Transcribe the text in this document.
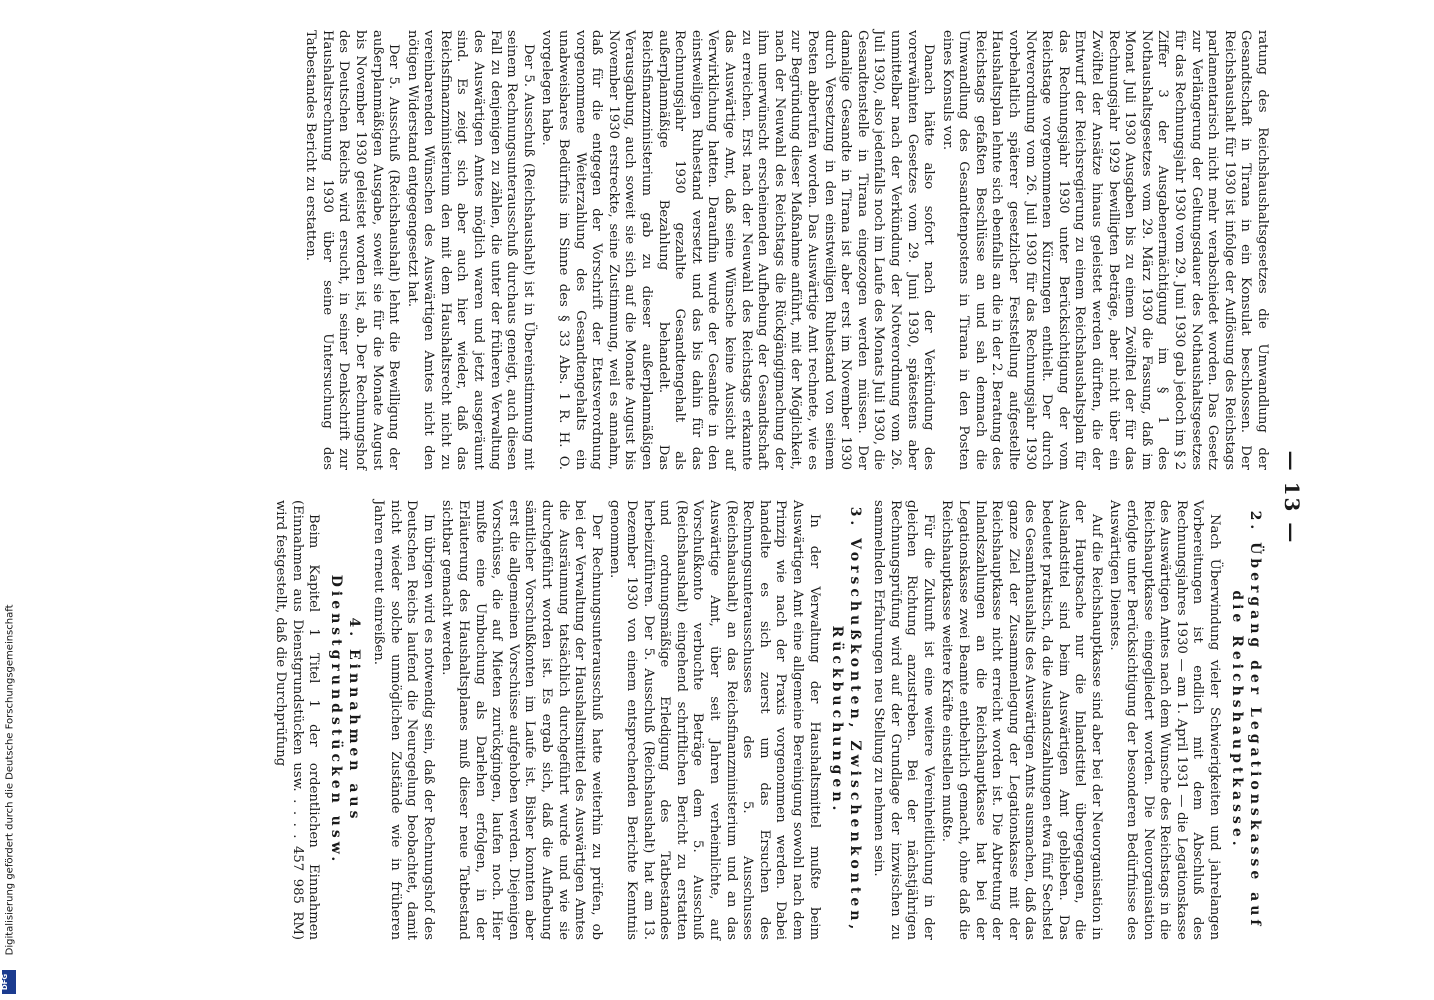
— 13 —

ratung des Reichshaushaltsgesetzes die Umwandlung der Gesandtschaft in Tirana in ein Konsulat beschlossen. Der Reichshaushalt für 1930 ist infolge der Auflösung des Reichstags parlamentarisch nicht mehr verabschiedet worden. Das Gesetz zur Verlängerung der Geltungsdauer des Nothaushaltsgesetzes für das Rechnungsjahr 1930 vom 29. Juni 1930 gab jedoch im § 2 Ziffer 3 der Ausgabenermächtigung im § 1 des Nothaushaltsgesetzes vom 29. März 1930 die Fassung, daß im Monat Juli 1930 Ausgaben bis zu einem Zwölftel der für das Rechnungsjahr 1929 bewilligten Beträge, aber nicht über ein Zwölftel der Ansätze hinaus geleistet werden dürften, die der Entwurf der Reichsregierung zu einem Reichshaushaltsplan für das Rechnungsjahr 1930 unter Berücksichtigung der vom Reichstage vorgenommenen Kürzungen enthielt. Der durch Notverordnung vom 26. Juli 1930 für das Rechnungsjahr 1930 vorbehaltlich späterer gesetzlicher Feststellung aufgestellte Haushaltsplan lehnte sich ebenfalls an die in der 2. Beratung des Reichstags gefaßten Beschlüsse an und sah demnach die Umwandlung des Gesandtenpostens in Tirana in den Posten eines Konsuls vor.

Danach hätte also sofort nach der Verkündung des vorerwähnten Gesetzes vom 29. Juni 1930, spätestens aber unmittelbar nach der Verkündung der Notverordnung vom 26. Juli 1930, also jedenfalls noch im Laufe des Monats Juli 1930, die Gesandtenstelle in Tirana eingezogen werden müssen. Der damalige Gesandte in Tirana ist aber erst im November 1930 durch Versetzung in den einstweiligen Ruhestand von seinem Posten abberufen worden. Das Auswärtige Amt rechnete, wie es zur Begründung dieser Maßnahme anführt, mit der Möglichkeit, nach der Neuwahl des Reichstags die Rückgängigmachung der ihm unerwünscht erscheinenden Aufhebung der Gesandtschaft zu erreichen. Erst nach der Neuwahl des Reichstags erkannte das Auswärtige Amt, daß seine Wünsche keine Aussicht auf Verwirklichung hatten. Daraufhin wurde der Gesandte in den einstweiligen Ruhestand versetzt und das bis dahin für das Rechnungsjahr 1930 gezahlte Gesandtengehalt als außerplanmäßige Bezahlung behandelt. Das Reichsfinanzministerium gab zu dieser außerplanmäßigen Verausgabung, auch soweit sie sich auf die Monate August bis November 1930 erstreckte, seine Zustimmung, weil es annahm, daß für die entgegen der Vorschrift der Etatsverordnung vorgenommene Weiterzahlung des Gesandtengehalts ein unabweisbares Bedürfnis im Sinne des § 33 Abs. 1 R. H. O. vorgelegen habe.

Der 5. Ausschuß (Reichshaushalt) ist in Übereinstimmung mit seinem Rechnungsunterausschuß durchaus geneigt, auch diesen Fall zu denjenigen zu zählen, die unter der früheren Verwaltung des Auswärtigen Amtes möglich waren und jetzt ausgeräumt sind. Es zeigt sich aber auch hier wieder, daß das Reichsfinanzministerium den mit dem Haushaltsrecht nicht zu vereinbarenden Wünschen des Auswärtigen Amtes nicht den nötigen Widerstand entgegengesetzt hat.

Der 5. Ausschuß (Reichshaushalt) lehnt die Bewilligung der außerplanmäßigen Ausgabe, soweit sie für die Monate August bis November 1930 geleistet worden ist, ab. Der Rechnungshof des Deutschen Reichs wird ersucht, in seiner Denkschrift zur Haushaltsrechnung 1930 über seine Untersuchung des Tatbestandes Bericht zu erstatten.

2. Übergang der Legationskasse auf die Reichshauptkasse.

Nach Überwindung vieler Schwierigkeiten und jahrelangen Vorbereitungen ist endlich mit dem Abschluß des Rechnungsjahres 1930 — am 1. April 1931 — die Legationskasse des Auswärtigen Amtes nach dem Wunsche des Reichstags in die Reichshauptkasse eingegliedert worden. Die Neuorganisation erfolgte unter Berücksichtigung der besonderen Bedürfnisse des Auswärtigen Dienstes.

Auf die Reichshauptkasse sind aber bei der Neuorganisation in der Hauptsache nur die Inlandstitel übergegangen, die Auslandstitel sind beim Auswärtigen Amt geblieben. Das bedeutet praktisch, da die Auslandszahlungen etwa fünf Sechstel des Gesamthaushalts des Auswärtigen Amts ausmachen, daß das ganze Ziel der Zusammenlegung der Legationskasse mit der Reichshauptkasse nicht erreicht worden ist. Die Abtretung der Inlandszahlungen an die Reichshauptkasse hat bei der Legationskasse zwei Beamte entbehrlich gemacht, ohne daß die Reichshauptkasse weitere Kräfte einstellen mußte.

Für die Zukunft ist eine weitere Vereinheitlichung in der gleichen Richtung anzustreben. Bei der nächstjährigen Rechnungsprüfung wird auf der Grundlage der inzwischen zu sammelnden Erfahrungen neu Stellung zu nehmen sein.

3. Vorschußkonten, Zwischenkonten, Rückbuchungen.

In der Verwaltung der Haushaltsmittel mußte beim Auswärtigen Amt eine allgemeine Bereinigung sowohl nach dem Prinzip wie nach der Praxis vorgenommen werden. Dabei handelte es sich zuerst um das Ersuchen des Rechnungsunterausschusses des 5. Ausschusses (Reichshaushalt) an das Reichsfinanzministerium und an das Auswärtige Amt, über seit Jahren verheimlichte, auf Vorschußkonto verbuchte Beträge dem 5. Ausschuß (Reichshaushalt) eingehend schriftlichen Bericht zu erstatten und ordnungsmäßige Erledigung des Tatbestandes herbeizuführen. Der 5. Ausschuß (Reichshaushalt) hat am 13. Dezember 1930 von einem entsprechenden Berichte Kenntnis genommen.

Der Rechnungsunterausschuß hatte weiterhin zu prüfen, ob bei der Verwaltung der Haushaltsmittel des Auswärtigen Amtes die Ausräumung tatsächlich durchgeführt wurde und wie sie durchgeführt worden ist. Es ergab sich, daß die Aufhebung sämtlicher Vorschußkonten im Laufe ist. Bisher konnten aber erst die allgemeinen Vorschüsse aufgehoben werden. Diejenigen Vorschüsse, die auf Mieten zurückgingen, laufen noch. Hier mußte eine Umbuchung als Darlehen erfolgen, in der Erläuterung des Haushaltsplanes muß dieser neue Tatbestand sichtbar gemacht werden.

Im übrigen wird es notwendig sein, daß der Rechnungshof des Deutschen Reichs laufend die Neuregelung beobachtet, damit nicht wieder solche unmöglichen Zustände wie in früheren Jahren erneut einreißen.

4. Einnahmen aus Dienstgrundstücken usw.

Beim Kapitel 1 Titel 1 der ordentlichen Einnahmen (Einnahmen aus Dienstgrundstücken usw. . . . . 457 985 RM) wird festgestellt, daß die Durchprüfung

Digitalisierung gefördert durch die Deutsche Forschungsgemeinschaft
DFG
